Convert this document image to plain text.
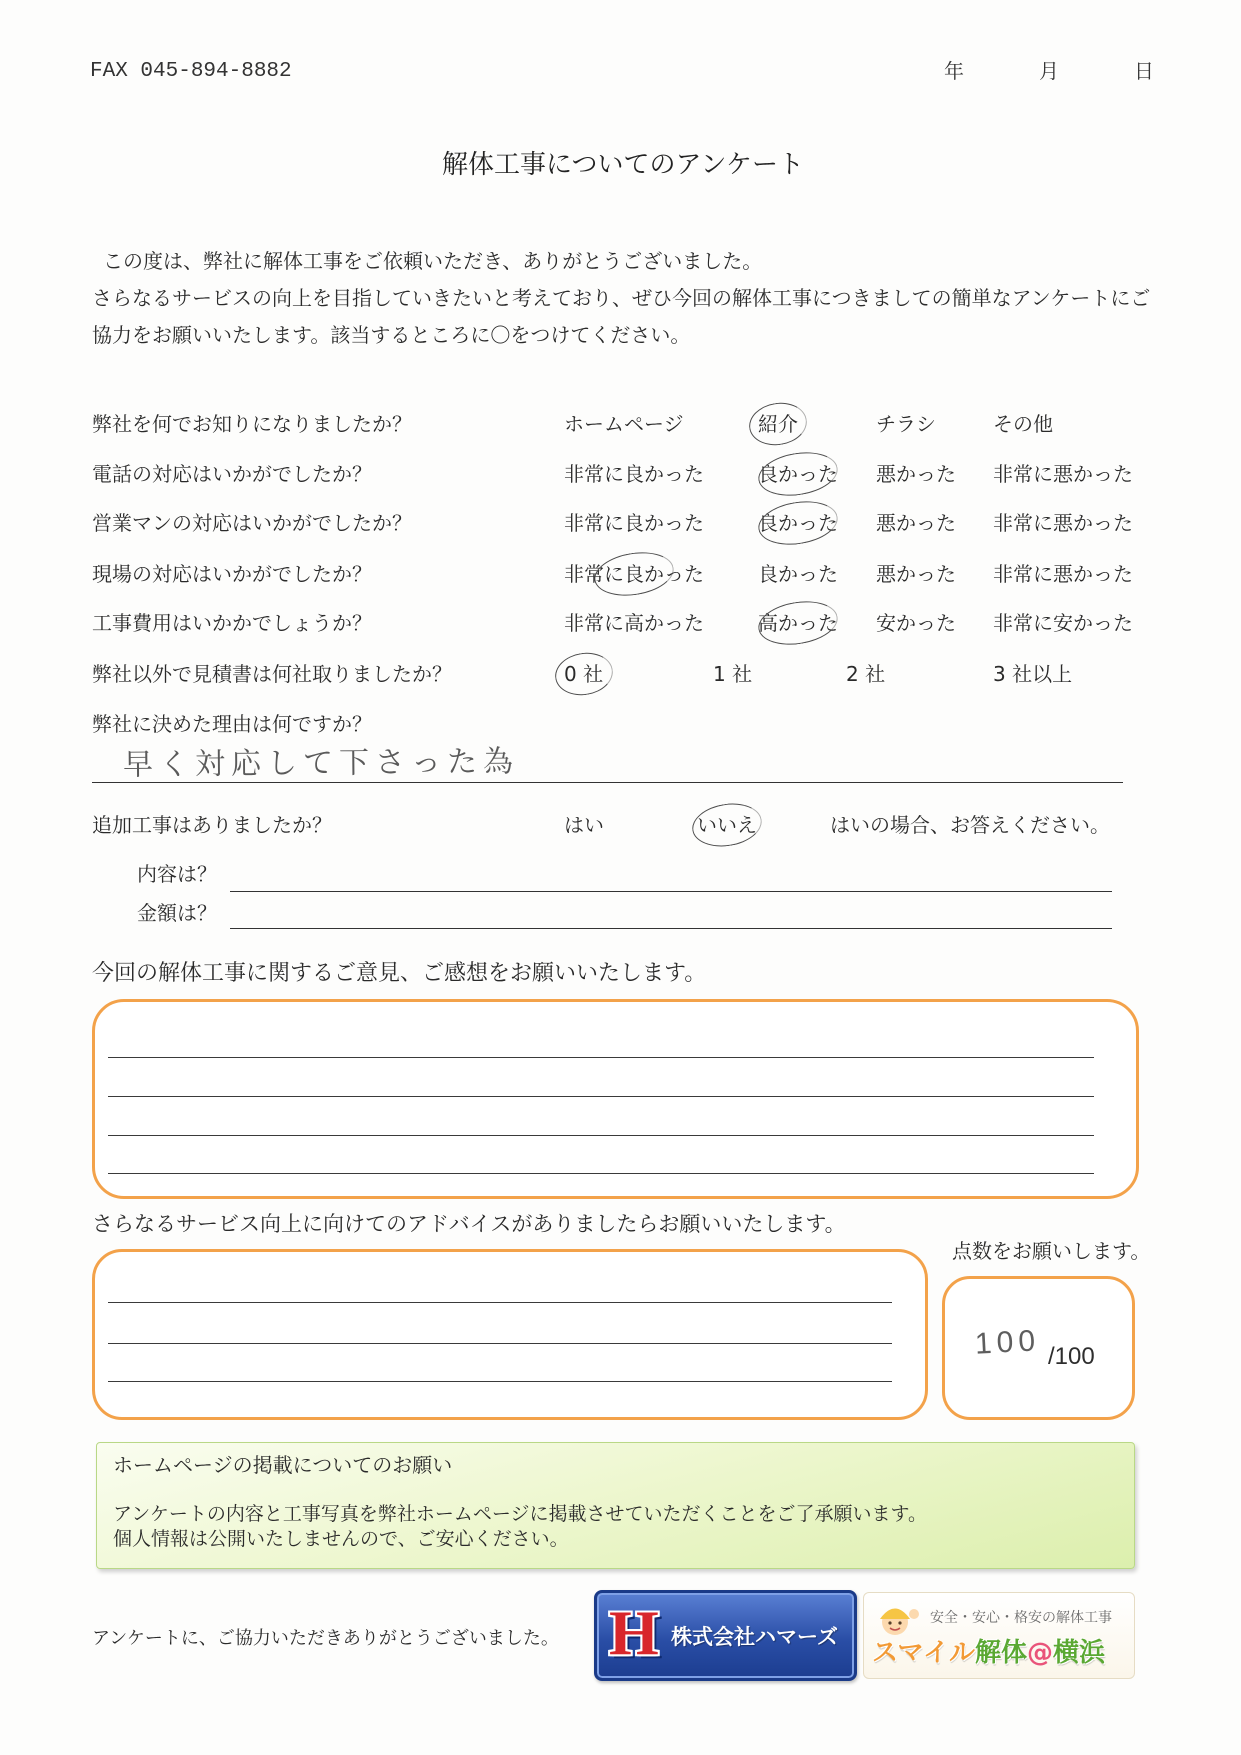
FAX 045-894-8882	年	月	日
解体工事についてのアンケート
この度は、弊社に解体工事をご依頼いただき、ありがとうございました。
さらなるサービスの向上を目指していきたいと考えており、ぜひ今回の解体工事につきましての簡単なアンケートにご
協力をお願いいたします。該当するところに〇をつけてください。
弊社を何でお知りになりましたか？	ホームページ	紹介	チラシ	その他
電話の対応はいかがでしたか？	非常に良かった	良かった 悪かった 非常に悪かった
営業マンの対応はいかがでしたか？	非常に良かった	良かった 悪かった 非常に悪かった
現場の対応はいかがでしたか？	非常に良かった	良かった 悪かった 非常に悪かった
工事費用はいかかでしょうか？	非常に高かった	高かった 安かった 非常に安かった
弊社以外で見積書は何社取りましたか？	0 社	1 社	2 社	3 社以上
弊社に決めた理由は何ですか？
早く対応して下さった為
追加工事はありましたか？	はい	いいえ	はいの場合、お答えください。
内容は？
金額は？
今回の解体工事に関するご意見、ご感想をお願いいたします。
さらなるサービス向上に向けてのアドバイスがありましたらお願いいたします。
点数をお願いします。
100 /100
ホームページの掲載についてのお願い
アンケートの内容と工事写真を弊社ホームページに掲載させていただくことをご了承願います。
個人情報は公開いたしませんので、ご安心ください。
アンケートに、ご協力いただきありがとうございました。 H 株式会社ハマーズ
安全・安心・格安の解体工事
スマイル解体@横浜
